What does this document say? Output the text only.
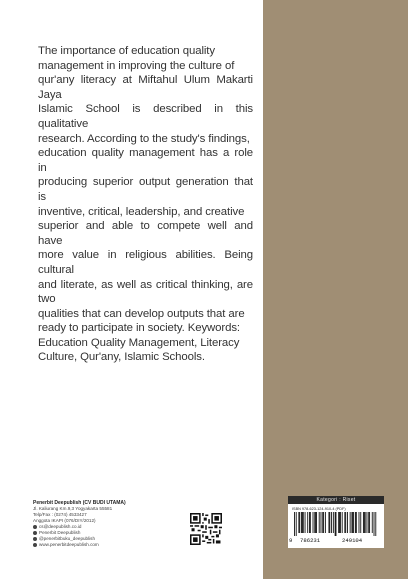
The importance of education quality
management in improving the culture of
qur'any literacy at Miftahul Ulum Makarti Jaya
Islamic School is described in this qualitative
research. According to the study's findings,
education quality management has a role in
producing superior output generation that is
inventive, critical, leadership, and creative
superior and able to compete well and have
more value in religious abilities. Being cultural
and literate, as well as critical thinking, are two
qualities that can develop outputs that are
ready to participate in society. Keywords:
Education Quality Management, Literacy
Culture, Qur'any, Islamic Schools.
Penerbit Deepublish (CV BUDI UTAMA)
Jl. Kaliurang Km.9,3 Yogyakarta 55581
Telp/Fax : (0274) 4533427
Anggota IKAPI (076/DIY/2012)
cs@deepublish.co.id
Penerbit Deepublish
@penerbitbuku_deepublish
www.penerbitdeepublish.com
Kategori : Riset
ISBN 978-623-124-910-4 (PDF)
9 786231	249104
